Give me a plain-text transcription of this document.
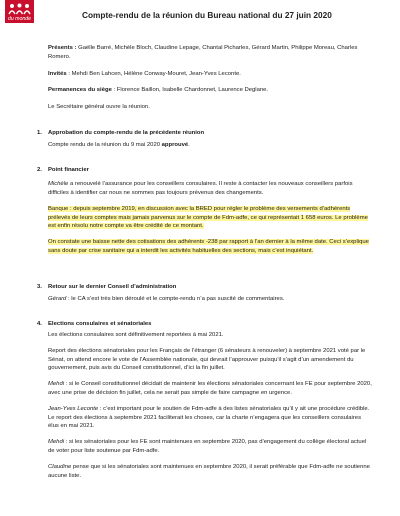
du monde	Compte-rendu de la réunion du Bureau national du 27 juin 2020

Présents : Gaëlle Barré, Michèle Bloch, Claudine Lepage, Chantal Picharles, Gérard Martin, Philippe Moreau, Charles Romero.

Invités : Mehdi Ben Lahcen, Hélène Conway-Mouret, Jean-Yves Leconte.

Permanences du siège : Florence Baillon, Isabelle Chardonnet, Laurence Deglane.

Le Secrétaire général ouvre la réunion.

1. Approbation du compte-rendu de la précédente réunion

Compte rendu de la réunion du 9 mai 2020 approuvé.

2. Point financier

Michèle a renouvelé l’assurance pour les conseillers consulaires. Il reste à contacter les nouveaux conseillers parfois difficiles à identifier car nous ne sommes pas toujours prévenus des changements.

Banque : depuis septembre 2019, en discussion avec la BRED pour régler le problème des versements d’adhérents prélevés de leurs comptes mais jamais parvenus sur le compte de Fdm-adfe, ce qui représentait 1 658 euros. Le problème est enfin résolu notre compte va être crédité de ce montant.

On constate une baisse nette des cotisations des adhérents -238 par rapport à l’an dernier à la même date. Ceci s’explique sans doute par crise sanitaire qui a interdit les activités habituelles des sections, mais c’est inquiétant.

3. Retour sur le dernier Conseil d’administration

Gérard : le CA s’est très bien déroulé et le compte-rendu n’a pas suscité de commentaires.

4. Elections consulaires et sénatoriales

Les élections consulaires sont définitivement reportées à mai 2021.

Report des élections sénatoriales pour les Français de l’étranger (6 sénateurs à renouveler) à septembre 2021 voté par le Sénat, on attend encore le vote de l’Assemblée nationale, qui devrait l’approuver puisqu’il s’agit d’un amendement du gouvernement, puis avis du Conseil constitutionnel, d’ici la fin juillet.

Mehdi : si le Conseil constitutionnel décidait de maintenir les élections sénatoriales concernant les FE pour septembre 2020, avec une prise de décision fin juillet, cela ne serait pas simple de faire campagne en urgence.

Jean-Yves Leconte : c’est important pour le soutien de Fdm-adfe à des listes sénatoriales qu’il y ait une procédure crédible. Le report des élections à septembre 2021 faciliterait les choses, car la charte n’engagera que les conseillers consulaires élus en mai 2021.

Mehdi : si les sénatoriales pour les FE sont maintenues en septembre 2020, pas d’engagement du collège électoral actuel de voter pour liste soutenue par Fdm-adfe.

Claudine pense que si les sénatoriales sont maintenues en septembre 2020, il serait préférable que Fdm-adfe ne soutienne aucune liste.
